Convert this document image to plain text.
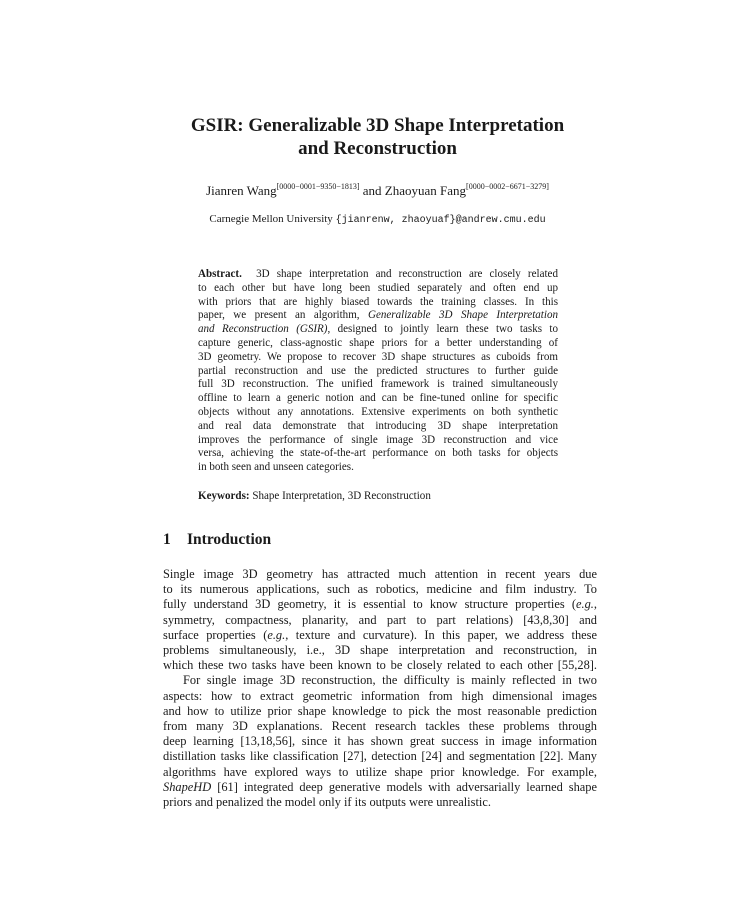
GSIR: Generalizable 3D Shape Interpretation
and Reconstruction
Jianren Wang[0000−0001−9350−1813] and Zhaoyuan Fang[0000−0002−6671−3279]
Carnegie Mellon University {jianrenw, zhaoyuaf}@andrew.cmu.edu
Abstract. 3D shape interpretation and reconstruction are closely related
to each other but have long been studied separately and often end up
with priors that are highly biased towards the training classes. In this
paper, we present an algorithm, Generalizable 3D Shape Interpretation
and Reconstruction (GSIR), designed to jointly learn these two tasks to
capture generic, class-agnostic shape priors for a better understanding of
3D geometry. We propose to recover 3D shape structures as cuboids from
partial reconstruction and use the predicted structures to further guide
full 3D reconstruction. The unified framework is trained simultaneously
offline to learn a generic notion and can be fine-tuned online for specific
objects without any annotations. Extensive experiments on both synthetic
and real data demonstrate that introducing 3D shape interpretation
improves the performance of single image 3D reconstruction and vice
versa, achieving the state-of-the-art performance on both tasks for objects
in both seen and unseen categories.
Keywords: Shape Interpretation, 3D Reconstruction
1 Introduction
Single image 3D geometry has attracted much attention in recent years due
to its numerous applications, such as robotics, medicine and film industry. To
fully understand 3D geometry, it is essential to know structure properties (e.g.,
symmetry, compactness, planarity, and part to part relations) [43,8,30] and
surface properties (e.g., texture and curvature). In this paper, we address these
problems simultaneously, i.e., 3D shape interpretation and reconstruction, in
which these two tasks have been known to be closely related to each other [55,28].
For single image 3D reconstruction, the difficulty is mainly reflected in two
aspects: how to extract geometric information from high dimensional images
and how to utilize prior shape knowledge to pick the most reasonable prediction
from many 3D explanations. Recent research tackles these problems through
deep learning [13,18,56], since it has shown great success in image information
distillation tasks like classification [27], detection [24] and segmentation [22]. Many
algorithms have explored ways to utilize shape prior knowledge. For example,
ShapeHD [61] integrated deep generative models with adversarially learned shape
priors and penalized the model only if its outputs were unrealistic.
